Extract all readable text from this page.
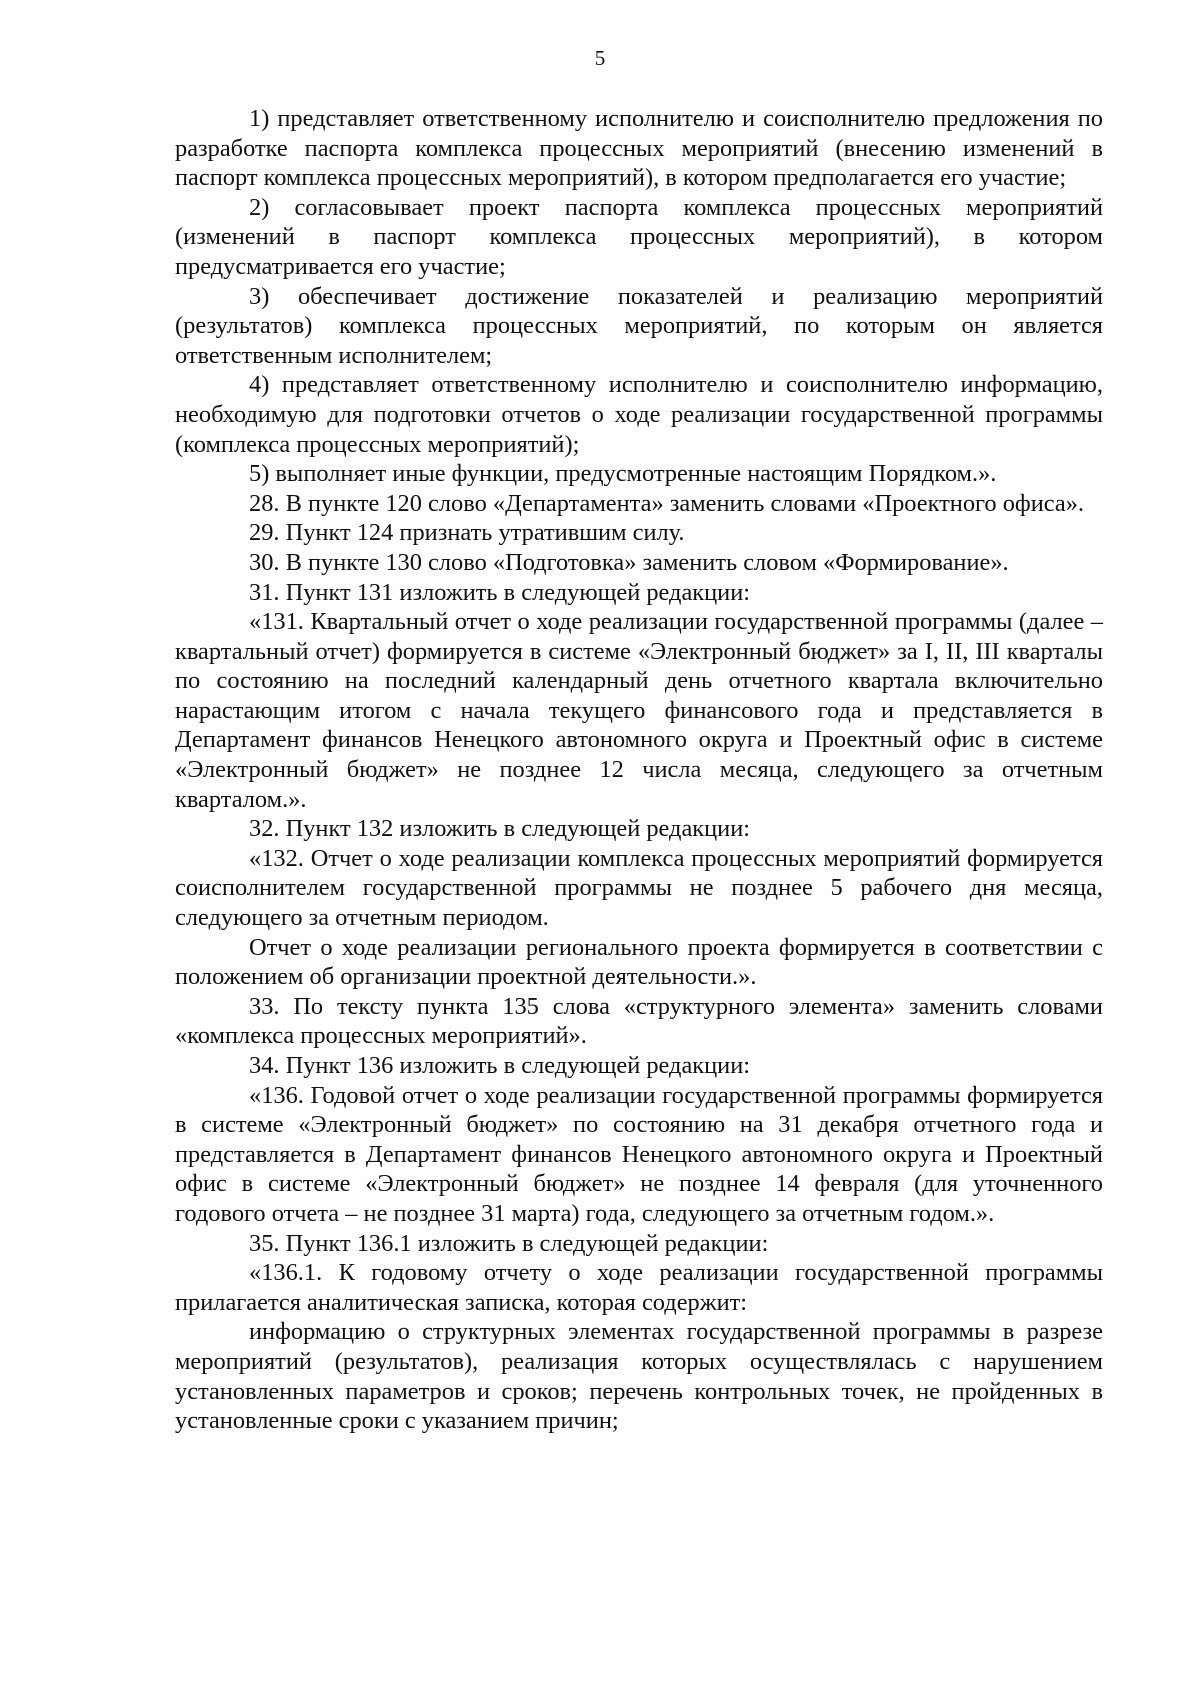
5

1) представляет ответственному исполнителю и соисполнителю предложения по разработке паспорта комплекса процессных мероприятий (внесению изменений в паспорт комплекса процессных мероприятий), в котором предполагается его участие;

2) согласовывает проект паспорта комплекса процессных мероприятий (изменений в паспорт комплекса процессных мероприятий), в котором предусматривается его участие;

3) обеспечивает достижение показателей и реализацию мероприятий (результатов) комплекса процессных мероприятий, по которым он является ответственным исполнителем;

4) представляет ответственному исполнителю и соисполнителю информацию, необходимую для подготовки отчетов о ходе реализации государственной программы (комплекса процессных мероприятий);

5) выполняет иные функции, предусмотренные настоящим Порядком.».

28. В пункте 120 слово «Департамента» заменить словами «Проектного офиса».

29. Пункт 124 признать утратившим силу.

30. В пункте 130 слово «Подготовка» заменить словом «Формирование».

31. Пункт 131 изложить в следующей редакции:

«131. Квартальный отчет о ходе реализации государственной программы (далее – квартальный отчет) формируется в системе «Электронный бюджет» за I, II, III кварталы по состоянию на последний календарный день отчетного квартала включительно нарастающим итогом с начала текущего финансового года и представляется в Департамент финансов Ненецкого автономного округа и Проектный офис в системе «Электронный бюджет» не позднее 12 числа месяца, следующего за отчетным кварталом.».

32. Пункт 132 изложить в следующей редакции:

«132. Отчет о ходе реализации комплекса процессных мероприятий формируется соисполнителем государственной программы не позднее 5 рабочего дня месяца, следующего за отчетным периодом.

Отчет о ходе реализации регионального проекта формируется в соответствии с положением об организации проектной деятельности.».

33. По тексту пункта 135 слова «структурного элемента» заменить словами «комплекса процессных мероприятий».

34. Пункт 136 изложить в следующей редакции:

«136. Годовой отчет о ходе реализации государственной программы формируется в системе «Электронный бюджет» по состоянию на 31 декабря отчетного года и представляется в Департамент финансов Ненецкого автономного округа и Проектный офис в системе «Электронный бюджет» не позднее 14 февраля (для уточненного годового отчета – не позднее 31 марта) года, следующего за отчетным годом.».

35. Пункт 136.1 изложить в следующей редакции:

«136.1. К годовому отчету о ходе реализации государственной программы прилагается аналитическая записка, которая содержит:

информацию о структурных элементах государственной программы в разрезе мероприятий (результатов), реализация которых осуществлялась с нарушением установленных параметров и сроков; перечень контрольных точек, не пройденных в установленные сроки с указанием причин;
